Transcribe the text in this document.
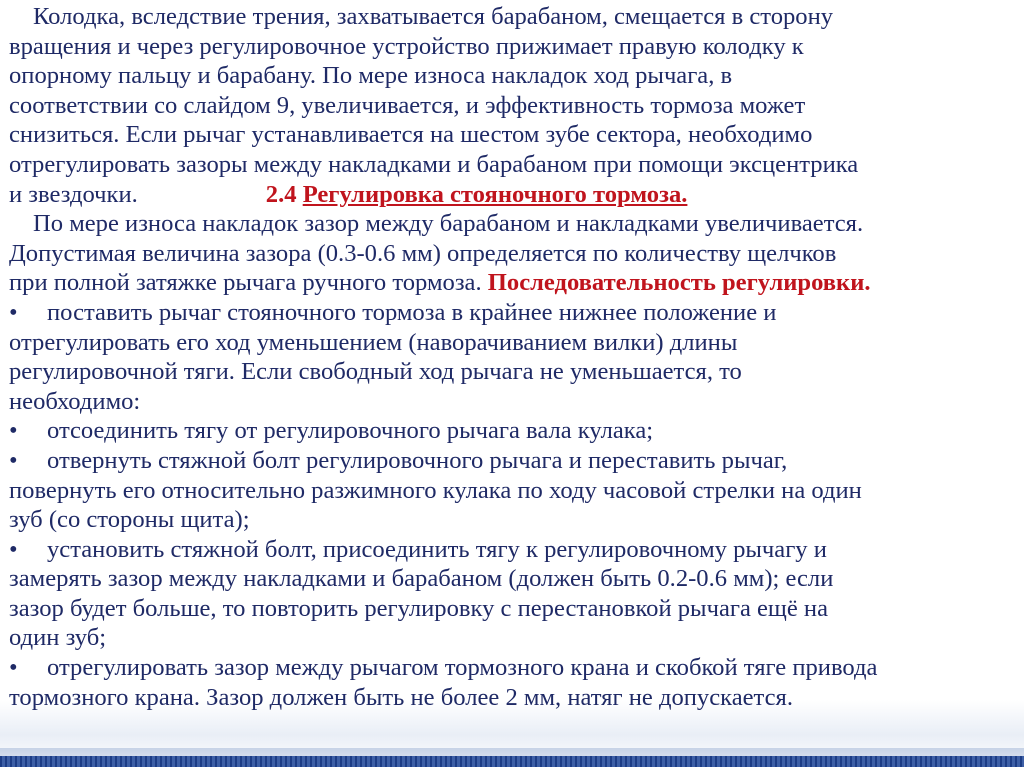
Колодка, вследствие трения, захватывается барабаном, смещается в сторону

вращения и через регулировочное устройство прижимает правую колодку к

опорному пальцу и барабану. По мере износа накладок ход рычага, в

соответствии со слайдом 9, увеличивается, и эффективность тормоза может

снизиться. Если рычаг устанавливается на шестом зубе сектора, необходимо

отрегулировать зазоры между накладками и барабаном при помощи эксцентрика

и звездочки.	2.4 Регулировка стояночного тормоза.

По мере износа накладок зазор между барабаном и накладками увеличивается.

Допустимая величина зазора (0.3-0.6 мм) определяется по количеству щелчков

при полной затяжке рычага ручного тормоза. Последовательность регулировки.

• поставить рычаг стояночного тормоза в крайнее нижнее положение и

отрегулировать его ход уменьшением (наворачиванием вилки) длины

регулировочной тяги. Если свободный ход рычага не уменьшается, то

необходимо:

• отсоединить тягу от регулировочного рычага вала кулака;

• отвернуть стяжной болт регулировочного рычага и переставить рычаг,

повернуть его относительно разжимного кулака по ходу часовой стрелки на один

зуб (со стороны щита);

• установить стяжной болт, присоединить тягу к регулировочному рычагу и

замерять зазор между накладками и барабаном (должен быть 0.2-0.6 мм); если

зазор будет больше, то повторить регулировку с перестановкой рычага ещё на

один зуб;

• отрегулировать зазор между рычагом тормозного крана и скобкой тяге привода

тормозного крана. Зазор должен быть не более 2 мм, натяг не допускается.
